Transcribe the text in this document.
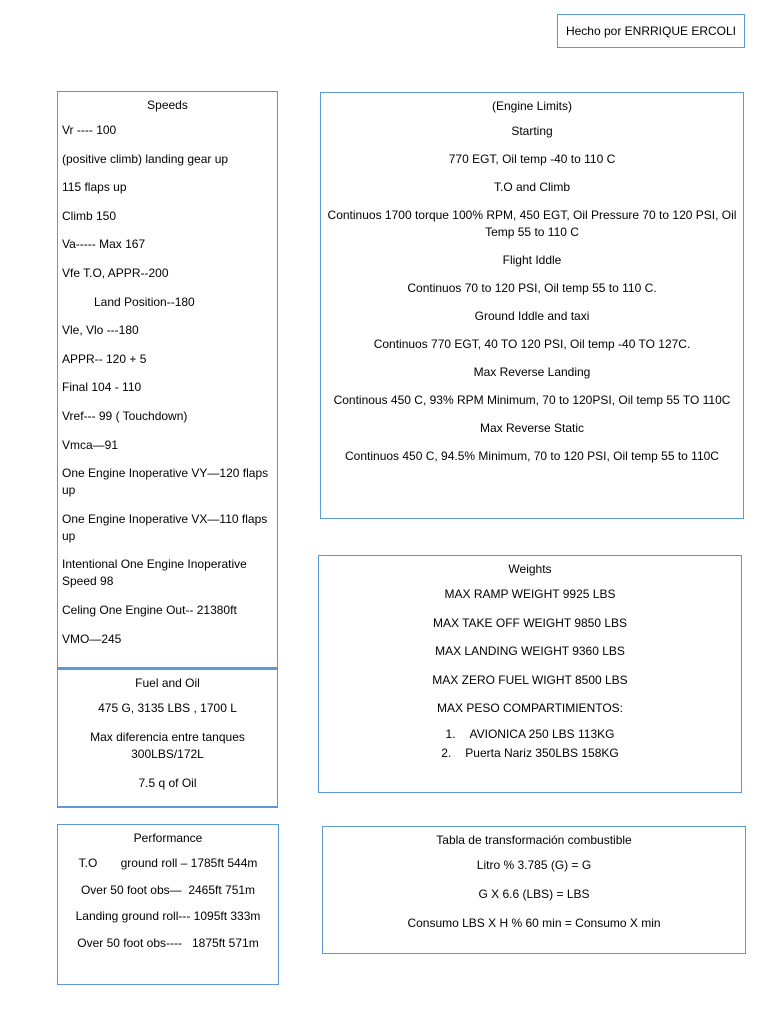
Hecho por ENRRIQUE ERCOLI
Speeds
Vr ---- 100
(positive climb) landing gear up
115 flaps up
Climb 150
Va----- Max 167
Vfe T.O, APPR--200
Land Position--180
Vle, Vlo ---180
APPR-- 120 + 5
Final 104 - 110
Vref--- 99 ( Touchdown)
Vmca—91
One Engine Inoperative VY—120 flaps up
One Engine Inoperative VX—110 flaps up
Intentional One Engine Inoperative Speed 98
Celing One Engine Out-- 21380ft
VMO—245
Fuel and Oil
475 G, 3135 LBS , 1700 L
Max diferencia entre tanques 300LBS/172L
7.5 q of Oil
(Engine Limits)
Starting
770 EGT, Oil temp -40 to 110 C
T.O and Climb
Continuos 1700 torque 100% RPM, 450 EGT, Oil Pressure 70 to 120 PSI, Oil Temp 55 to 110 C
Flight Iddle
Continuos 70 to 120 PSI, Oil temp 55 to 110 C.
Ground Iddle and taxi
Continuos 770 EGT, 40 TO 120 PSI, Oil temp -40 TO 127C.
Max Reverse Landing
Continous 450 C, 93% RPM Minimum, 70 to 120PSI, Oil temp 55 TO 110C
Max Reverse Static
Continuos 450 C, 94.5% Minimum, 70 to 120 PSI, Oil temp 55 to 110C
Weights
MAX RAMP WEIGHT 9925 LBS
MAX TAKE OFF WEIGHT 9850 LBS
MAX LANDING WEIGHT 9360 LBS
MAX ZERO FUEL WIGHT 8500 LBS
MAX PESO COMPARTIMIENTOS:
1. AVIONICA 250 LBS 113KG
2. Puerta Nariz 350LBS 158KG
Performance
T.O       ground roll – 1785ft 544m
Over 50 foot obs—  2465ft 751m
Landing ground roll--- 1095ft 333m
Over 50 foot obs----   1875ft 571m
Tabla de transformación combustible
Litro % 3.785 (G) = G
G X 6.6 (LBS) = LBS
Consumo LBS X H % 60 min = Consumo X min
